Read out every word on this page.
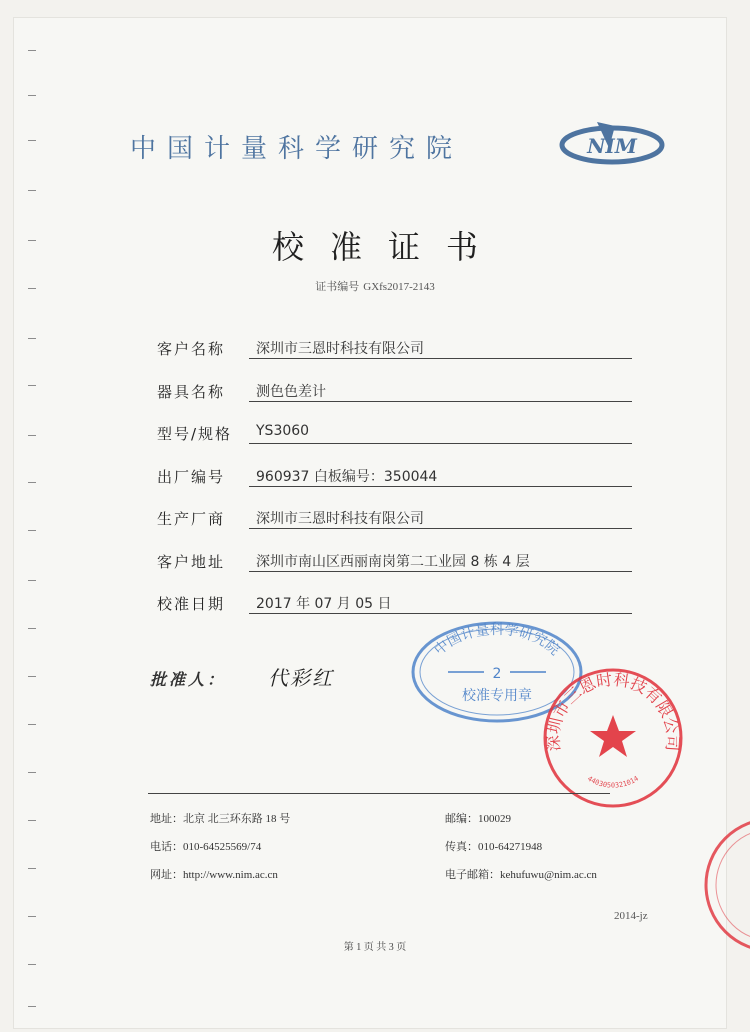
中国计量科学研究院	NIM
校准证书
证书编号 GXfs2017-2143
客户名称 深圳市三恩时科技有限公司
器具名称 测色色差计
型号/规格 YS3060
出厂编号 960937 白板编号：350044
生产厂商 深圳市三恩时科技有限公司
客户地址 深圳市南山区西丽南岗第二工业园 8 栋 4 层
校准日期 2017 年 07 月 05 日
批准人： 代彩红
中国计量科学研究院
2
校准专用章
深圳市三恩时科技有限公司
4403050321014
地址：北京 北三环东路 18 号	邮编：100029
电话：010-64525569/74	传真：010-64271948
网址：http://www.nim.ac.cn	电子邮箱：kehufuwu@nim.ac.cn
2014-jz
第 1 页 共 3 页
